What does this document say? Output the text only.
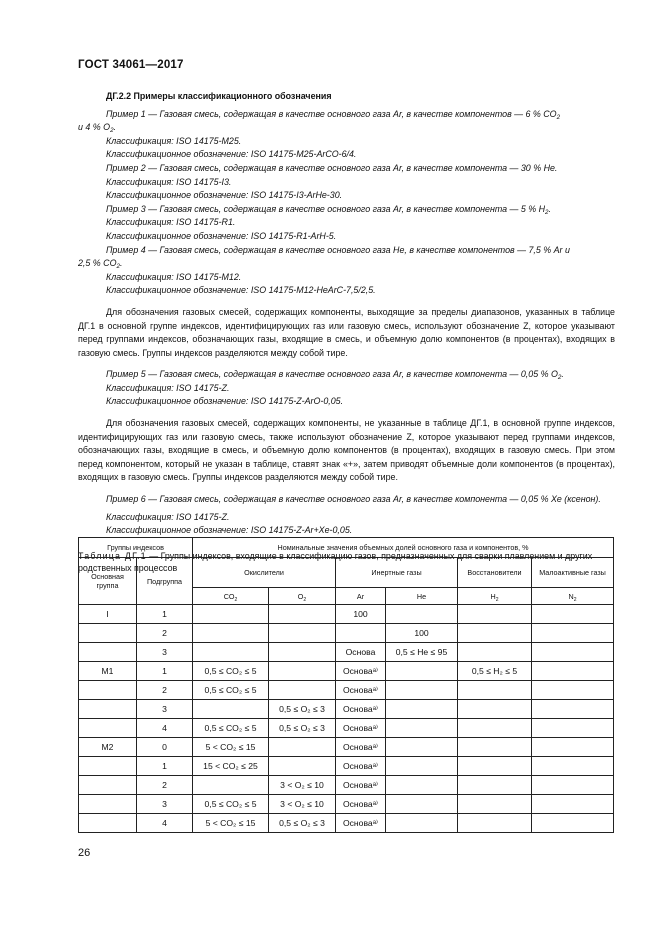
ГОСТ 34061—2017

ДГ.2.2 Примеры классификационного обозначения

Пример 1 — Газовая смесь, содержащая в качестве основного газа Ar, в качестве компонентов — 6 % $CO_2$

и 4 % $O_2$.

Классификация: ISO 14175-M25.

Классификационное обозначение: ISO 14175-M25-ArCO-6/4.

Пример 2 — Газовая смесь, содержащая в качестве основного газа Ar, в качестве компонента — 30 % He.

Классификация: ISO 14175-I3.

Классификационное обозначение: ISO 14175-I3-ArHe-30.

Пример 3 — Газовая смесь, содержащая в качестве основного газа Ar, в качестве компонента — 5 % $H_2$.

Классификация: ISO 14175-R1.

Классификационное обозначение: ISO 14175-R1-ArH-5.

Пример 4 — Газовая смесь, содержащая в качестве основного газа He, в качестве компонентов — 7,5 % Ar и

2,5 % $CO_2$.

Классификация: ISO 14175-M12.

Классификационное обозначение: ISO 14175-M12-HeArC-7,5/2,5.

Для обозначения газовых смесей, содержащих компоненты, выходящие за пределы диапазонов, указанных в таблице ДГ.1 в основной группе индексов, идентифицирующих газ или газовую смесь, используют обозначение Z, которое указывают перед группами индексов, обозначающих газы, входящие в смесь, и объемную долю компонентов (в процентах), входящих в газовую смесь. Группы индексов разделяются между собой тире.

Пример 5 — Газовая смесь, содержащая в качестве основного газа Ar, в качестве компонента — 0,05 % $O_2$.

Классификация: ISO 14175-Z.

Классификационное обозначение: ISO 14175-Z-ArO-0,05.

Для обозначения газовых смесей, содержащих компоненты, не указанные в таблице ДГ.1, в основной группе индексов, идентифицирующих газ или газовую смесь, также используют обозначение Z, которое указывают перед группами индексов, обозначающих газы, входящие в смесь, и объемную долю компонентов (в процентах), входящих в газовую смесь. При этом перед компонентом, который не указан в таблице, ставят знак «+», затем приводят объемные доли компонентов (в процентах), входящих в газовую смесь. Группы индексов разделяются между собой тире.

Пример 6 — Газовая смесь, содержащая в качестве основного газа Ar, в качестве компонента — 0,05 % Xe (ксенон).

Классификация: ISO 14175-Z.

Классификационное обозначение: ISO 14175-Z-Ar+Xe-0,05.

Таблица ДГ.1 — Группы индексов, входящие в классификацию газов, предназначенных для сварки плавлением и других родственных процессов

Группы индексов		Номинальные значения объемных долей основного газа и компонентов, %					
Основная группа	Подгруппа	Окислители		Инертные газы		Восстановители	Малоактивные газы
		$CO_2$	$O_2$	Ar	He	$H_2$	$N_2$
I	1			100			
	2				100		
	3			Основа	0,5 ≤ He ≤ 95		
M1	1	0,5 ≤ CO₂ ≤ 5		Основаᵃ⁾		0,5 ≤ H₂ ≤ 5	
	2	0,5 ≤ CO₂ ≤ 5		Основаᵃ⁾			
	3		0,5 ≤ O₂ ≤ 3	Основаᵃ⁾			
	4	0,5 ≤ CO₂ ≤ 5	0,5 ≤ O₂ ≤ 3	Основаᵃ⁾			
M2	0	5 < CO₂ ≤ 15		Основаᵃ⁾			
	1	15 < CO₂ ≤ 25		Основаᵃ⁾			
	2		3 < O₂ ≤ 10	Основаᵃ⁾			
	3	0,5 ≤ CO₂ ≤ 5	3 < O₂ ≤ 10	Основаᵃ⁾			
	4	5 < CO₂ ≤ 15	0,5 ≤ O₂ ≤ 3	Основаᵃ⁾			
26
